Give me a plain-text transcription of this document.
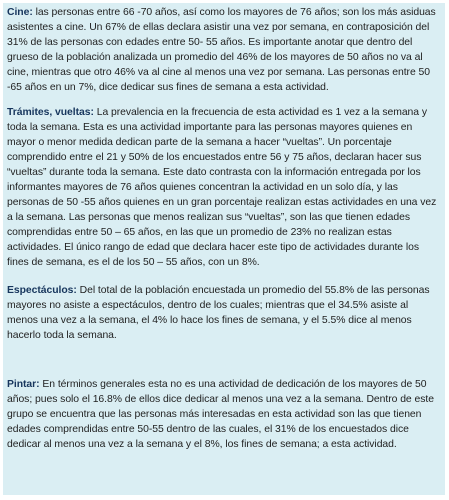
Cine: las personas entre 66 -70 años, así como los mayores de 76 años; son los más asiduas asistentes a cine. Un 67% de ellas declara asistir una vez por semana, en contraposición del 31% de las personas con edades entre 50- 55 años. Es importante anotar que dentro del grueso de la población analizada un promedio del 46% de los mayores de 50 años no va al cine, mientras que otro 46% va al cine al menos una vez por semana. Las personas entre 50 -65 años en un 7%, dice dedicar sus fines de semana a esta actividad.

Trámites, vueltas: La prevalencia en la frecuencia de esta actividad es 1 vez a la semana y toda la semana. Esta es una actividad importante para las personas mayores quienes en mayor o menor medida dedican parte de la semana a hacer “vueltas”. Un porcentaje comprendido entre el 21 y 50% de los encuestados entre 56 y 75 años, declaran hacer sus “vueltas” durante toda la semana. Este dato contrasta con la información entregada por los informantes mayores de 76 años quienes concentran la actividad en un solo día, y las personas de 50 -55 años quienes en un gran porcentaje realizan estas actividades en una vez a la semana. Las personas que menos realizan sus “vueltas”, son las que tienen edades comprendidas entre 50 – 65 años, en las que un promedio de 23% no realizan estas actividades. El único rango de edad que declara hacer este tipo de actividades durante los fines de semana, es el de los 50 – 55 años, con un 8%.

Espectáculos: Del total de la población encuestada un promedio del 55.8% de las personas mayores no asiste a espectáculos, dentro de los cuales; mientras que el 34.5% asiste al menos una vez a la semana, el 4% lo hace los fines de semana, y el 5.5% dice al menos hacerlo toda la semana.

Pintar: En términos generales esta no es una actividad de dedicación de los mayores de 50 años; pues solo el 16.8% de ellos dice dedicar al menos una vez a la semana. Dentro de este grupo se encuentra que las personas más interesadas en esta actividad son las que tienen edades comprendidas entre 50-55 dentro de las cuales, el 31% de los encuestados dice dedicar al menos una vez a la semana y el 8%, los fines de semana; a esta actividad.
